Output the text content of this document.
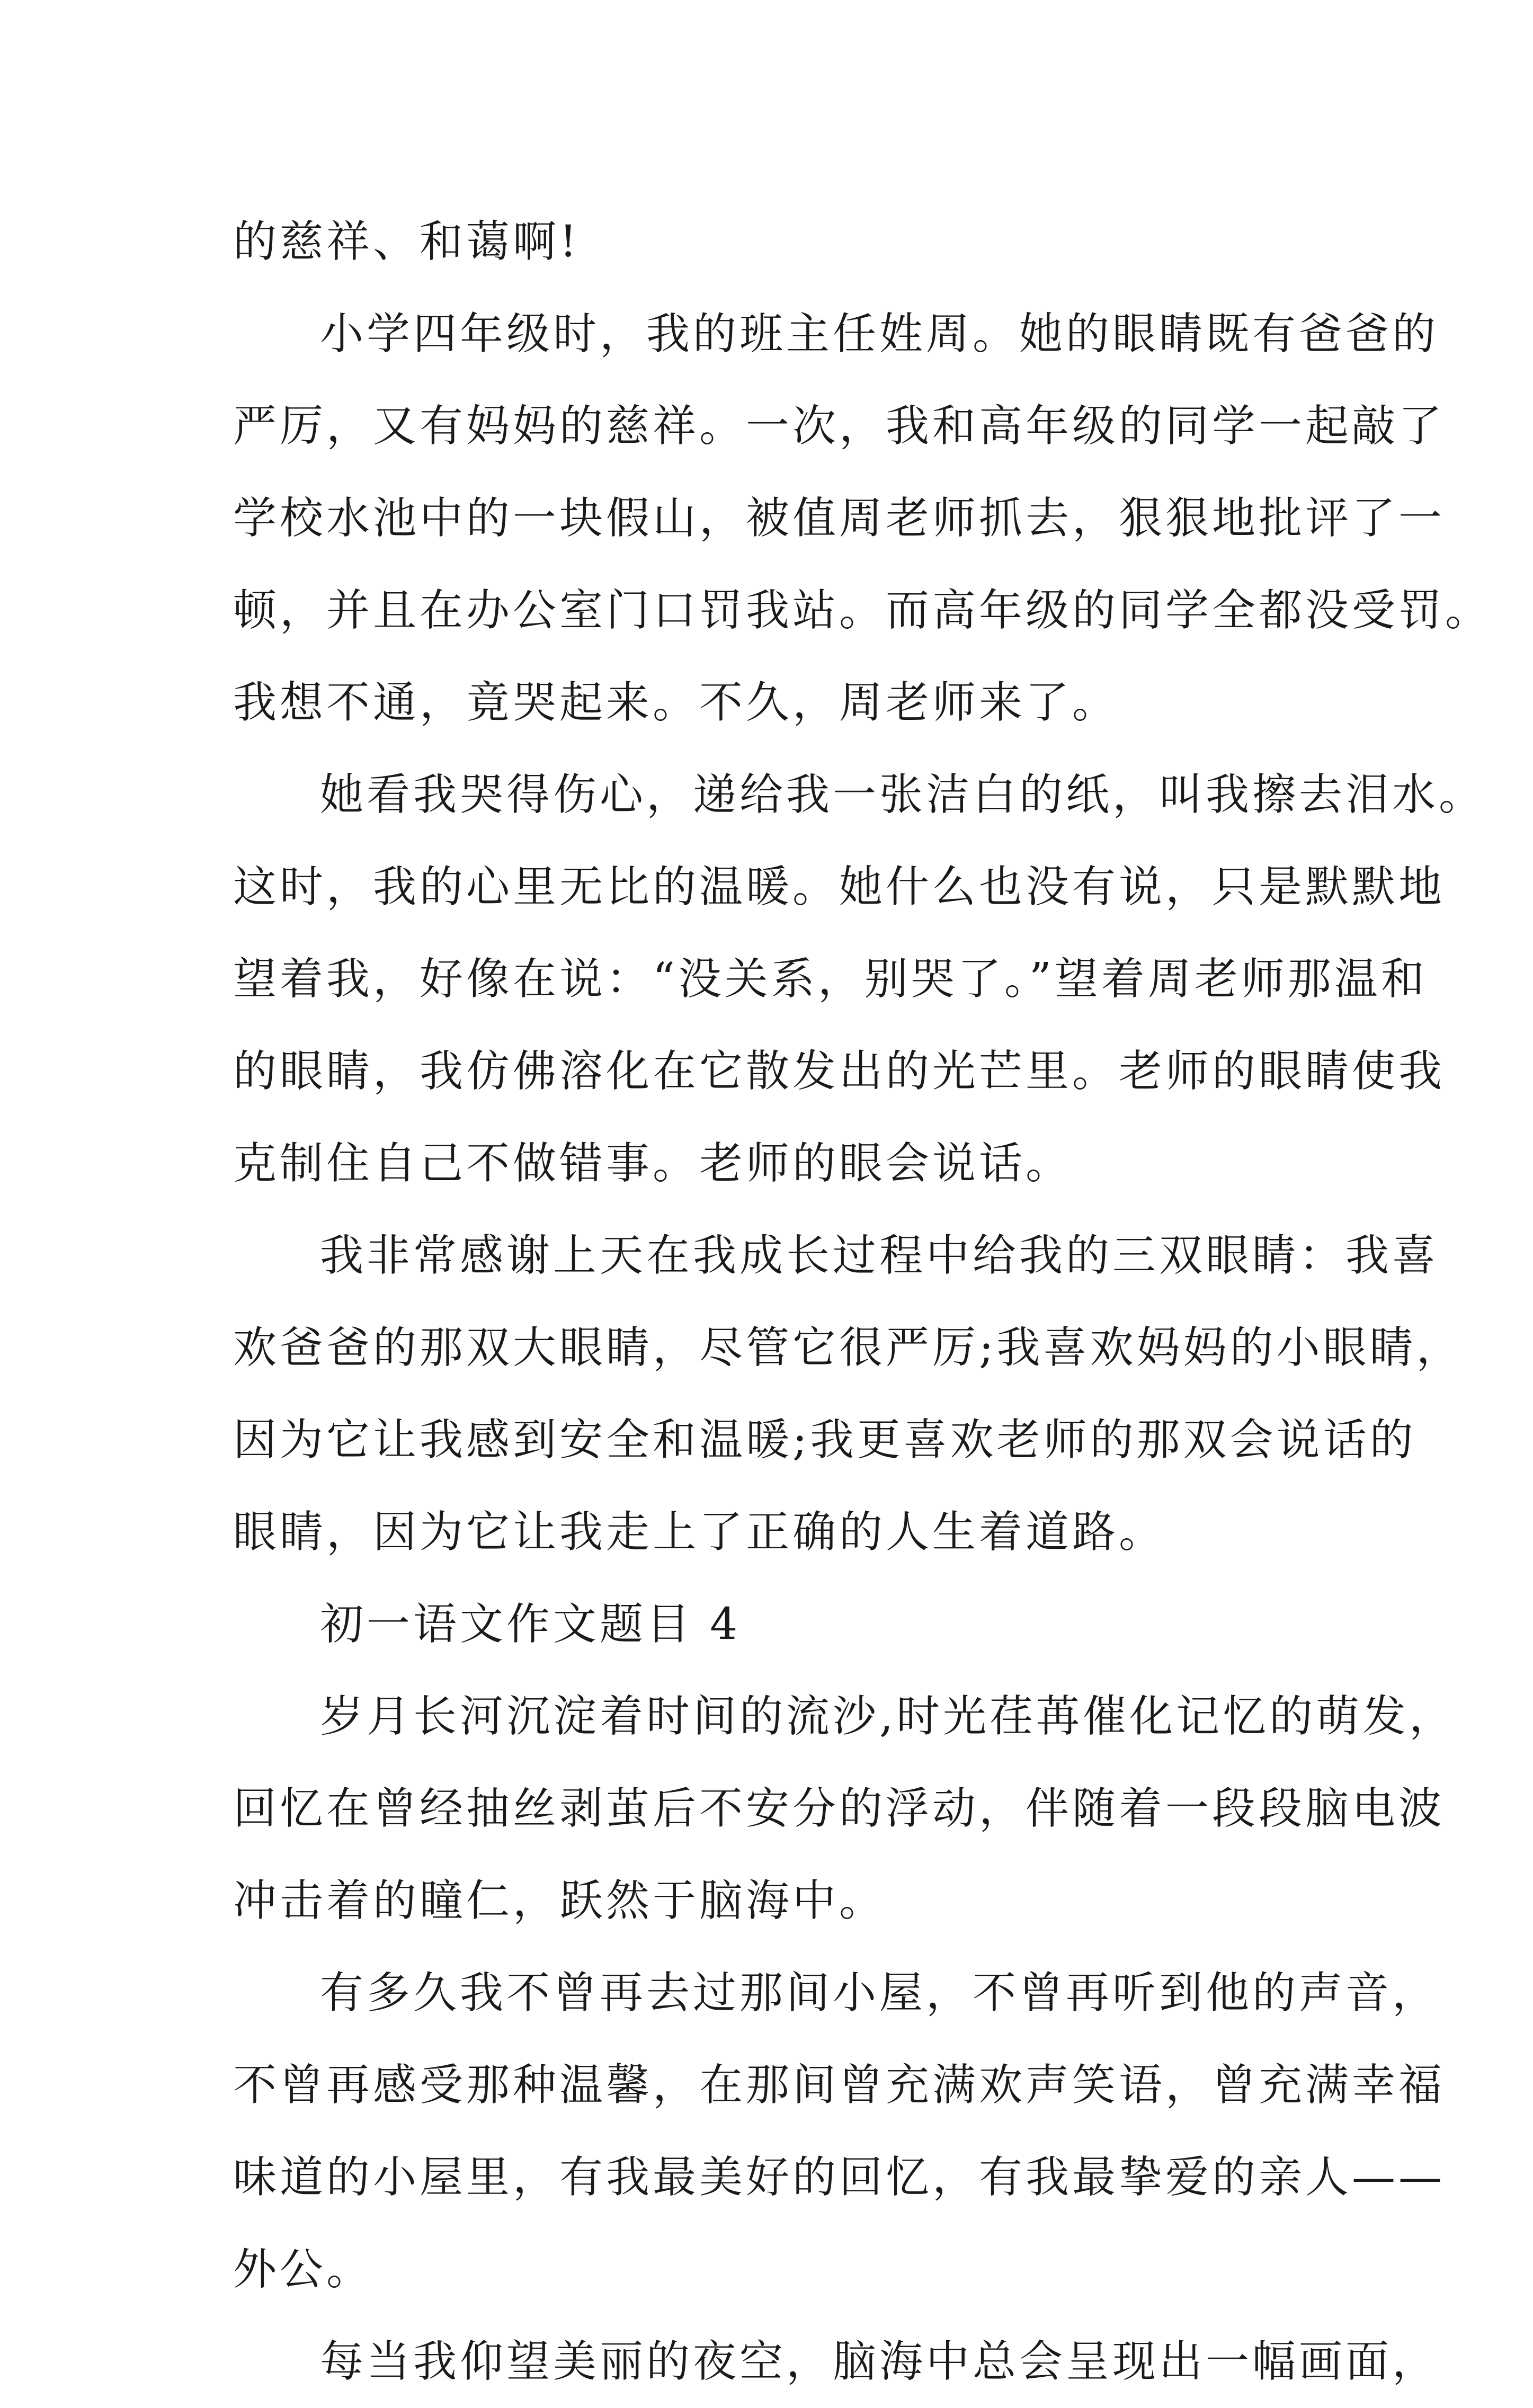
的慈祥、和蔼啊!
小学四年级时，我的班主任姓周。她的眼睛既有爸爸的
严厉，又有妈妈的慈祥。一次，我和高年级的同学一起敲了
学校水池中的一块假山，被值周老师抓去，狠狠地批评了一
顿，并且在办公室门口罚我站。而高年级的同学全都没受罚。
我想不通，竟哭起来。不久，周老师来了。
她看我哭得伤心，递给我一张洁白的纸，叫我擦去泪水。
这时，我的心里无比的温暖。她什么也没有说，只是默默地
望着我，好像在说：“没关系，别哭了。”望着周老师那温和
的眼睛，我仿佛溶化在它散发出的光芒里。老师的眼睛使我
克制住自己不做错事。老师的眼会说话。
我非常感谢上天在我成长过程中给我的三双眼睛：我喜
欢爸爸的那双大眼睛，尽管它很严厉;我喜欢妈妈的小眼睛，
因为它让我感到安全和温暖;我更喜欢老师的那双会说话的
眼睛，因为它让我走上了正确的人生着道路。
初一语文作文题目 4
岁月长河沉淀着时间的流沙,时光荏苒催化记忆的萌发，
回忆在曾经抽丝剥茧后不安分的浮动，伴随着一段段脑电波
冲击着的瞳仁，跃然于脑海中。
有多久我不曾再去过那间小屋，不曾再听到他的声音，
不曾再感受那种温馨，在那间曾充满欢声笑语，曾充满幸福
味道的小屋里，有我最美好的回忆，有我最挚爱的亲人——
外公。
每当我仰望美丽的夜空，脑海中总会呈现出一幅画面，
